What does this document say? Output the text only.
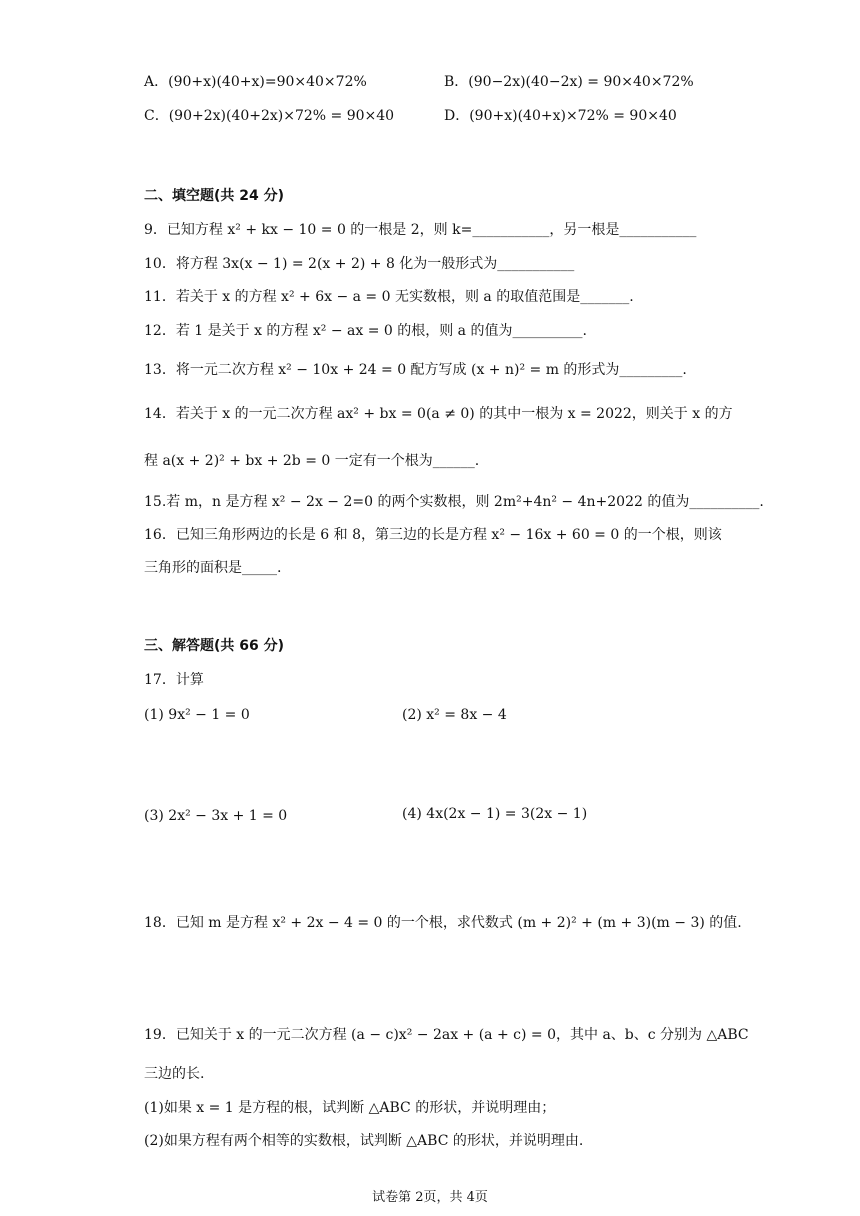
A．(90+x)(40+x)=90×40×72%	B．(90−2x)(40−2x) = 90×40×72%
C．(90+2x)(40+2x)×72% = 90×40	D．(90+x)(40+x)×72% = 90×40
二、填空题(共 24 分)
9．已知方程 x² + kx − 10 = 0 的一根是 2，则 k=___________，另一根是___________
10．将方程 3x(x − 1) = 2(x + 2) + 8 化为一般形式为___________
11．若关于 x 的方程 x² + 6x − a = 0 无实数根，则 a 的取值范围是_______.
12．若 1 是关于 x 的方程 x² − ax = 0 的根，则 a 的值为__________.
13．将一元二次方程 x² − 10x + 24 = 0 配方写成 (x + n)² = m 的形式为_________.
14．若关于 x 的一元二次方程 ax² + bx = 0(a ≠ 0) 的其中一根为 x = 2022，则关于 x 的方
程 a(x + 2)² + bx + 2b = 0 一定有一个根为______.
15.若 m，n 是方程 x² − 2x − 2=0 的两个实数根，则 2m²+4n² − 4n+2022 的值为__________.
16．已知三角形两边的长是 6 和 8，第三边的长是方程 x² − 16x + 60 = 0 的一个根，则该
三角形的面积是_____.
三、解答题(共 66 分)
17．计算
(1) 9x² − 1 = 0	(2) x² = 8x − 4
(3) 2x² − 3x + 1 = 0	(4) 4x(2x − 1) = 3(2x − 1)
18．已知 m 是方程 x² + 2x − 4 = 0 的一个根，求代数式 (m + 2)² + (m + 3)(m − 3) 的值.
19．已知关于 x 的一元二次方程 (a − c)x² − 2ax + (a + c) = 0，其中 a、b、c 分别为 △ABC
三边的长.
(1)如果 x = 1 是方程的根，试判断 △ABC 的形状，并说明理由；
(2)如果方程有两个相等的实数根，试判断 △ABC 的形状，并说明理由.
试卷第 2页，共 4页
